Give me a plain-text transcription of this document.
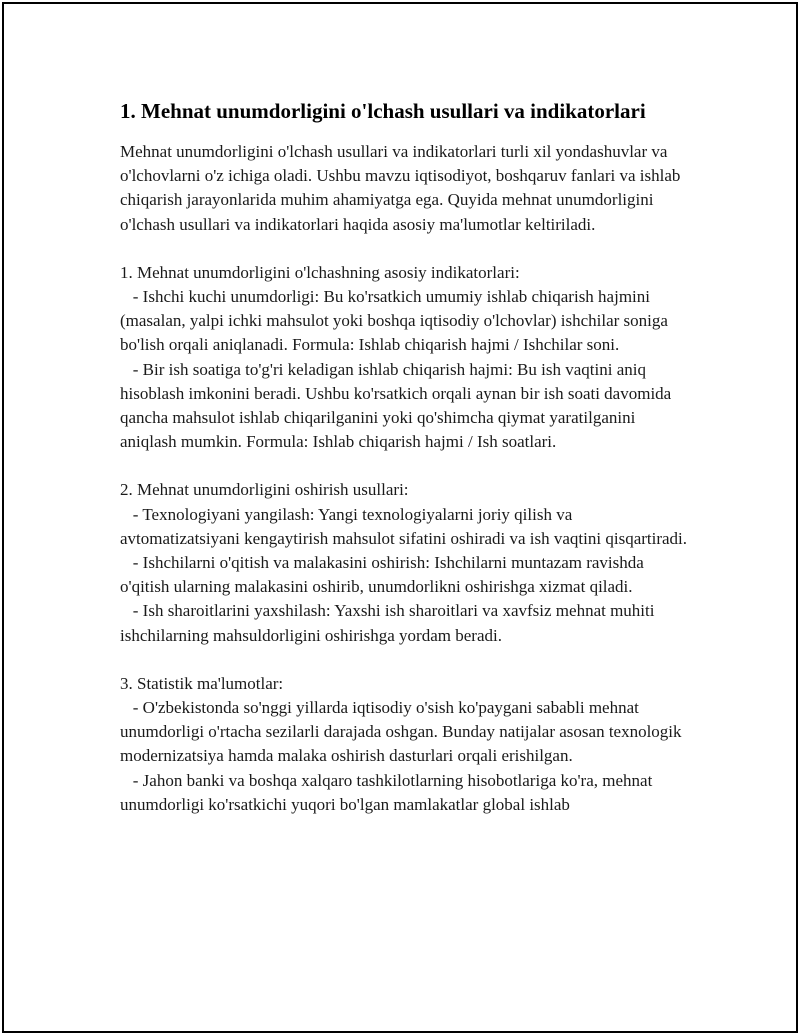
1. Mehnat unumdorligini o'lchash usullari va indikatorlari

Mehnat unumdorligini o'lchash usullari va indikatorlari turli xil yondashuvlar va o'lchovlarni o'z ichiga oladi. Ushbu mavzu iqtisodiyot, boshqaruv fanlari va ishlab chiqarish jarayonlarida muhim ahamiyatga ega. Quyida mehnat unumdorligini o'lchash usullari va indikatorlari haqida asosiy ma'lumotlar keltiriladi.

1. Mehnat unumdorligini o'lchashning asosiy indikatorlari:

- Ishchi kuchi unumdorligi: Bu ko'rsatkich umumiy ishlab chiqarish hajmini (masalan, yalpi ichki mahsulot yoki boshqa iqtisodiy o'lchovlar) ishchilar soniga bo'lish orqali aniqlanadi. Formula: Ishlab chiqarish hajmi / Ishchilar soni.

- Bir ish soatiga to'g'ri keladigan ishlab chiqarish hajmi: Bu ish vaqtini aniq hisoblash imkonini beradi. Ushbu ko'rsatkich orqali aynan bir ish soati davomida qancha mahsulot ishlab chiqarilganini yoki qo'shimcha qiymat yaratilganini aniqlash mumkin. Formula: Ishlab chiqarish hajmi / Ish soatlari.

2. Mehnat unumdorligini oshirish usullari:

- Texnologiyani yangilash: Yangi texnologiyalarni joriy qilish va avtomatizatsiyani kengaytirish mahsulot sifatini oshiradi va ish vaqtini qisqartiradi.

- Ishchilarni o'qitish va malakasini oshirish: Ishchilarni muntazam ravishda o'qitish ularning malakasini oshirib, unumdorlikni oshirishga xizmat qiladi.

- Ish sharoitlarini yaxshilash: Yaxshi ish sharoitlari va xavfsiz mehnat muhiti ishchilarning mahsuldorligini oshirishga yordam beradi.

3. Statistik ma'lumotlar:

- O'zbekistonda so'nggi yillarda iqtisodiy o'sish ko'paygani sababli mehnat unumdorligi o'rtacha sezilarli darajada oshgan. Bunday natijalar asosan texnologik modernizatsiya hamda malaka oshirish dasturlari orqali erishilgan.

- Jahon banki va boshqa xalqaro tashkilotlarning hisobotlariga ko'ra, mehnat unumdorligi ko'rsatkichi yuqori bo'lgan mamlakatlar global ishlab
